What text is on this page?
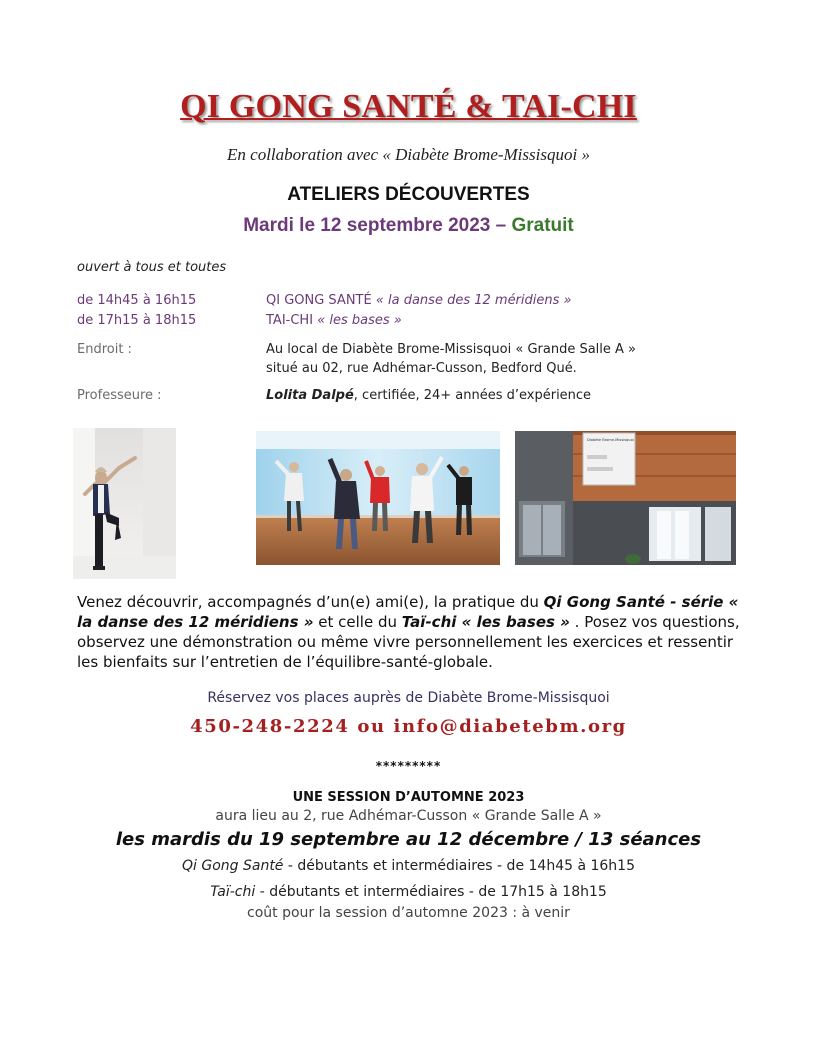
QI GONG SANTÉ & TAI-CHI
En collaboration avec « Diabète Brome-Missisquoi »
ATELIERS DÉCOUVERTES
Mardi le 12 septembre 2023 – Gratuit
ouvert à tous et toutes
de 14h45 à 16h15	QI GONG SANTÉ « la danse des 12 méridiens »
de 17h15 à 18h15	TAI-CHI « les bases »
Endroit :	Au local de Diabète Brome-Missisquoi « Grande Salle A »
situé au 02, rue Adhémar-Cusson, Bedford Qué.
Professeure :	Lolita Dalpé, certifiée, 24+ années d’expérience
Diabète Brome-Missisquoi
Venez découvrir, accompagnés d’un(e) ami(e), la pratique du Qi Gong Santé - série « la danse des 12 méridiens » et celle du Taï-chi « les bases » . Posez vos questions, observez une démonstration ou même vivre personnellement les exercices et ressentir les bienfaits sur l’entretien de l’équilibre-santé-globale.
Réservez vos places auprès de Diabète Brome-Missisquoi
450-248-2224 ou info@diabetebm.org
*********
UNE SESSION D’AUTOMNE 2023
aura lieu au 2, rue Adhémar-Cusson « Grande Salle A »
les mardis du 19 septembre au 12 décembre / 13 séances
Qi Gong Santé - débutants et intermédiaires - de 14h45 à 16h15
Taï-chi - débutants et intermédiaires - de 17h15 à 18h15
coût pour la session d’automne 2023 : à venir
